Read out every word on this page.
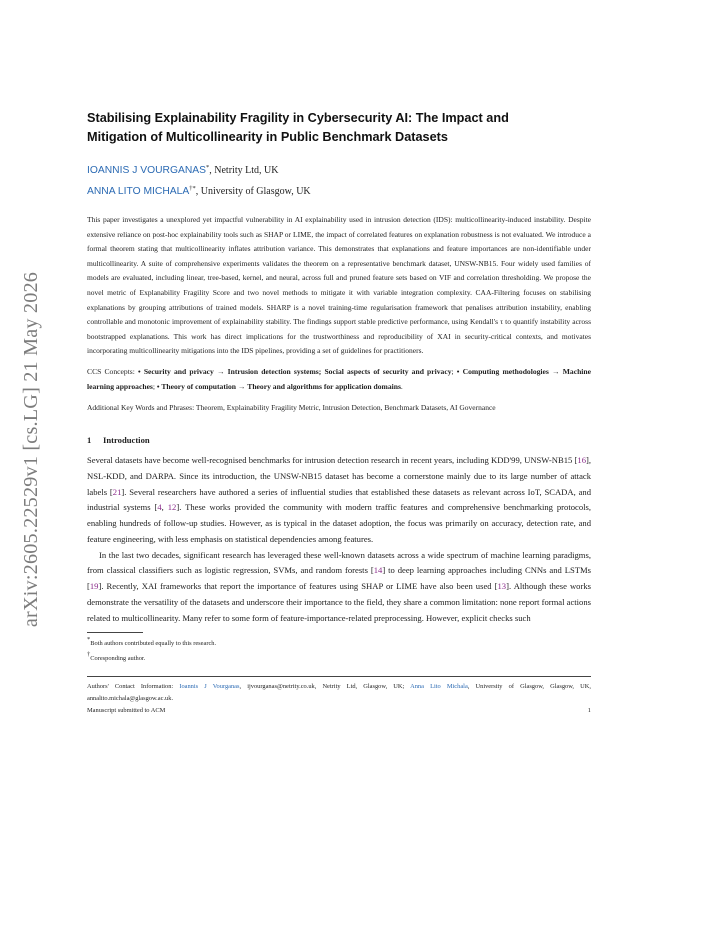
arXiv:2605.22529v1 [cs.LG] 21 May 2026
Stabilising Explainability Fragility in Cybersecurity AI: The Impact and
Mitigation of Multicollinearity in Public Benchmark Datasets
IOANNIS J VOURGANAS*, Netrity Ltd, UK
ANNA LITO MICHALA†*, University of Glasgow, UK
This paper investigates a unexplored yet impactful vulnerability in AI explainability used in intrusion detection (IDS): multicollinearity-induced instability. Despite extensive reliance on post-hoc explainability tools such as SHAP or LIME, the impact of correlated features on explanation robustness is not evaluated. We introduce a formal theorem stating that multicollinearity inflates attribution variance. This demonstrates that explanations and feature importances are non-identifiable under multicollinearity. A suite of comprehensive experiments validates the theorem on a representative benchmark dataset, UNSW-NB15. Four widely used families of models are evaluated, including linear, tree-based, kernel, and neural, across full and pruned feature sets based on VIF and correlation thresholding. We propose the novel metric of Explanability Fragility Score and two novel methods to mitigate it with variable integration complexity. CAA-Filtering focuses on stabilising explanations by grouping attributions of trained models. SHARP is a novel training-time regularisation framework that penalises attribution instability, enabling controllable and monotonic improvement of explainability stability. The findings support stable predictive performance, using Kendall's τ to quantify instability across bootstrapped explanations. This work has direct implications for the trustworthiness and reproducibility of XAI in security-critical contexts, and motivates incorporating multicollinearity mitigations into the IDS pipelines, providing a set of guidelines for practitioners.
CCS Concepts: • Security and privacy → Intrusion detection systems; Social aspects of security and privacy; • Computing methodologies → Machine learning approaches; • Theory of computation → Theory and algorithms for application domains.
Additional Key Words and Phrases: Theorem, Explainability Fragility Metric, Intrusion Detection, Benchmark Datasets, AI Governance
1 Introduction

Several datasets have become well-recognised benchmarks for intrusion detection research in recent years, including KDD'99, UNSW-NB15 [16], NSL-KDD, and DARPA. Since its introduction, the UNSW-NB15 dataset has become a cornerstone mainly due to its large number of attack labels [21]. Several researchers have authored a series of influential studies that established these datasets as relevant across IoT, SCADA, and industrial systems [4, 12]. These works provided the community with modern traffic features and comprehensive benchmarking protocols, enabling hundreds of follow-up studies. However, as is typical in the dataset adoption, the focus was primarily on accuracy, detection rate, and feature engineering, with less emphasis on statistical dependencies among features.

In the last two decades, significant research has leveraged these well-known datasets across a wide spectrum of machine learning paradigms, from classical classifiers such as logistic regression, SVMs, and random forests [14] to deep learning approaches including CNNs and LSTMs [19]. Recently, XAI frameworks that report the importance of features using SHAP or LIME have also been used [13]. Although these works demonstrate the versatility of the datasets and underscore their importance to the field, they share a common limitation: none report formal actions related to multicollinearity. Many refer to some form of feature-importance-related preprocessing. However, explicit checks such

*Both authors contributed equally to this research.
†Coresponding author.
Authors' Contact Information: Ioannis J Vourganas, ijvourganas@netrity.co.uk, Netrity Ltd, Glasgow, UK; Anna Lito Michala, University of Glasgow, Glasgow, UK, annalito.michala@glasgow.ac.uk.
Manuscript submitted to ACM	1
